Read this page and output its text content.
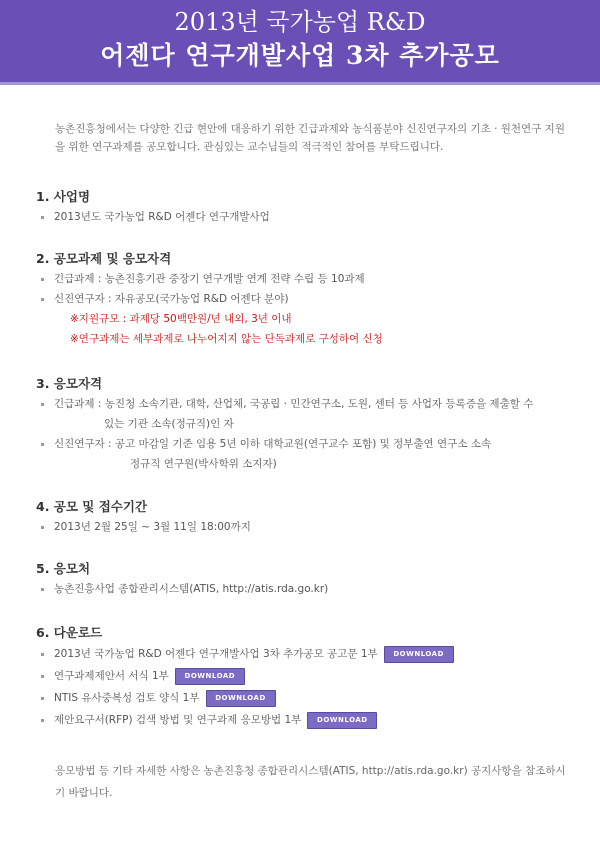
2013년 국가농업 R&D
어젠다 연구개발사업 3차 추가공모
농촌진흥청에서는 다양한 긴급 현안에 대응하기 위한 긴급과제와 농식품분야 신진연구자의 기초 · 원천연구 지원을 위한 연구과제를 공모합니다. 관심있는 교수님들의 적극적인 참여를 부탁드립니다.
1. 사업명
2013년도 국가농업 R&D 어젠다 연구개발사업
2. 공모과제 및 응모자격
긴급과제 : 농촌진흥기관 중장기 연구개발 연계 전략 수립 등 10과제
신진연구자 : 자유공모(국가농업 R&D 어젠다 분야)
※지원규모 : 과제당 50백만원/년 내외, 3년 이내
※연구과제는 세부과제로 나누어지지 않는 단독과제로 구성하여 신청
3. 응모자격
긴급과제 : 농진청 소속기관, 대학, 산업체, 국공립 · 민간연구소, 도원, 센터 등 사업자 등록증을 제출할 수
있는 기관 소속(정규직)인 자
신진연구자 : 공고 마감일 기준 임용 5년 이하 대학교원(연구교수 포함) 및 정부출연 연구소 소속
정규직 연구원(박사학위 소지자)
4. 공모 및 접수기간
2013년 2월 25일 ~ 3월 11일 18:00까지
5. 응모처
농촌진흥사업 종합관리시스템(ATIS, http://atis.rda.go.kr)
6. 다운로드
2013년 국가농업 R&D 어젠다 연구개발사업 3차 추가공모 공고문 1부 DOWNLOAD
연구과제제안서 서식 1부 DOWNLOAD
NTIS 유사중복성 검토 양식 1부 DOWNLOAD
제안요구서(RFP) 검색 방법 및 연구과제 응모방법 1부 DOWNLOAD
응모방법 등 기타 자세한 사항은 농촌진흥청 종합관리시스템(ATIS, http://atis.rda.go.kr) 공지사항을 참조하시기 바랍니다.
